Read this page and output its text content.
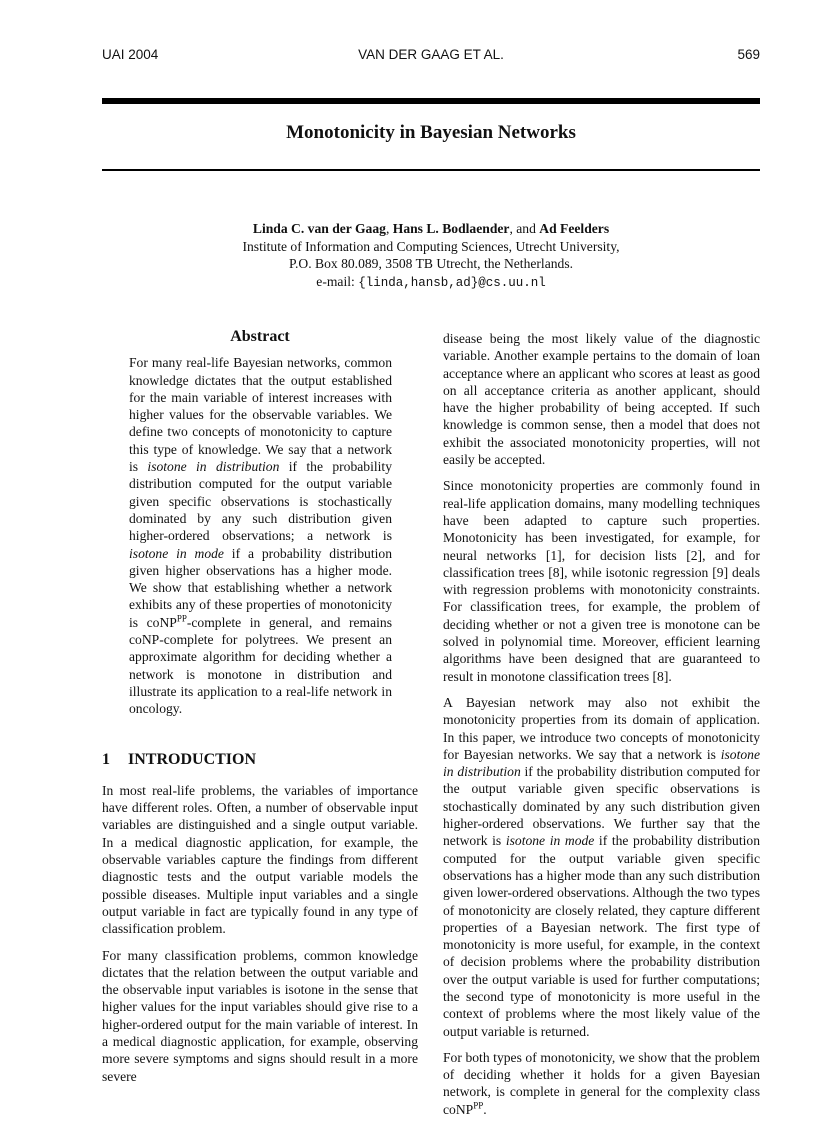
UAI 2004	VAN DER GAAG ET AL.	569
Monotonicity in Bayesian Networks
Linda C. van der Gaag, Hans L. Bodlaender, and Ad Feelders
Institute of Information and Computing Sciences, Utrecht University,
P.O. Box 80.089, 3508 TB Utrecht, the Netherlands.
e-mail: {linda,hansb,ad}@cs.uu.nl
Abstract

For many real-life Bayesian networks, common knowledge dictates that the output established for the main variable of interest increases with higher values for the observable variables. We define two concepts of monotonicity to capture this type of knowledge. We say that a network is isotone in distribution if the probability distribution computed for the output variable given specific observations is stochastically dominated by any such distribution given higher-ordered observations; a network is isotone in mode if a probability distribution given higher observations has a higher mode. We show that establishing whether a network exhibits any of these properties of monotonicity is coNP$^{PP}$-complete in general, and remains coNP-complete for polytrees. We present an approximate algorithm for deciding whether a network is monotone in distribution and illustrate its application to a real-life network in oncology.

1 INTRODUCTION

In most real-life problems, the variables of importance have different roles. Often, a number of observable input variables are distinguished and a single output variable. In a medical diagnostic application, for example, the observable variables capture the findings from different diagnostic tests and the output variable models the possible diseases. Multiple input variables and a single output variable in fact are typically found in any type of classification problem.

For many classification problems, common knowledge dictates that the relation between the output variable and the observable input variables is isotone in the sense that higher values for the input variables should give rise to a higher-ordered output for the main variable of interest. In a medical diagnostic application, for example, observing more severe symptoms and signs should result in a more severe

disease being the most likely value of the diagnostic variable. Another example pertains to the domain of loan acceptance where an applicant who scores at least as good on all acceptance criteria as another applicant, should have the higher probability of being accepted. If such knowledge is common sense, then a model that does not exhibit the associated monotonicity properties, will not easily be accepted.

Since monotonicity properties are commonly found in real-life application domains, many modelling techniques have been adapted to capture such properties. Monotonicity has been investigated, for example, for neural networks [1], for decision lists [2], and for classification trees [8], while isotonic regression [9] deals with regression problems with monotonicity constraints. For classification trees, for example, the problem of deciding whether or not a given tree is monotone can be solved in polynomial time. Moreover, efficient learning algorithms have been designed that are guaranteed to result in monotone classification trees [8].

A Bayesian network may also not exhibit the monotonicity properties from its domain of application. In this paper, we introduce two concepts of monotonicity for Bayesian networks. We say that a network is isotone in distribution if the probability distribution computed for the output variable given specific observations is stochastically dominated by any such distribution given higher-ordered observations. We further say that the network is isotone in mode if the probability distribution computed for the output variable given specific observations has a higher mode than any such distribution given lower-ordered observations. Although the two types of monotonicity are closely related, they capture different properties of a Bayesian network. The first type of monotonicity is more useful, for example, in the context of decision problems where the probability distribution over the output variable is used for further computations; the second type of monotonicity is more useful in the context of problems where the most likely value of the output variable is returned.

For both types of monotonicity, we show that the problem of deciding whether it holds for a given Bayesian network, is complete in general for the complexity class coNP$^{PP}$.
